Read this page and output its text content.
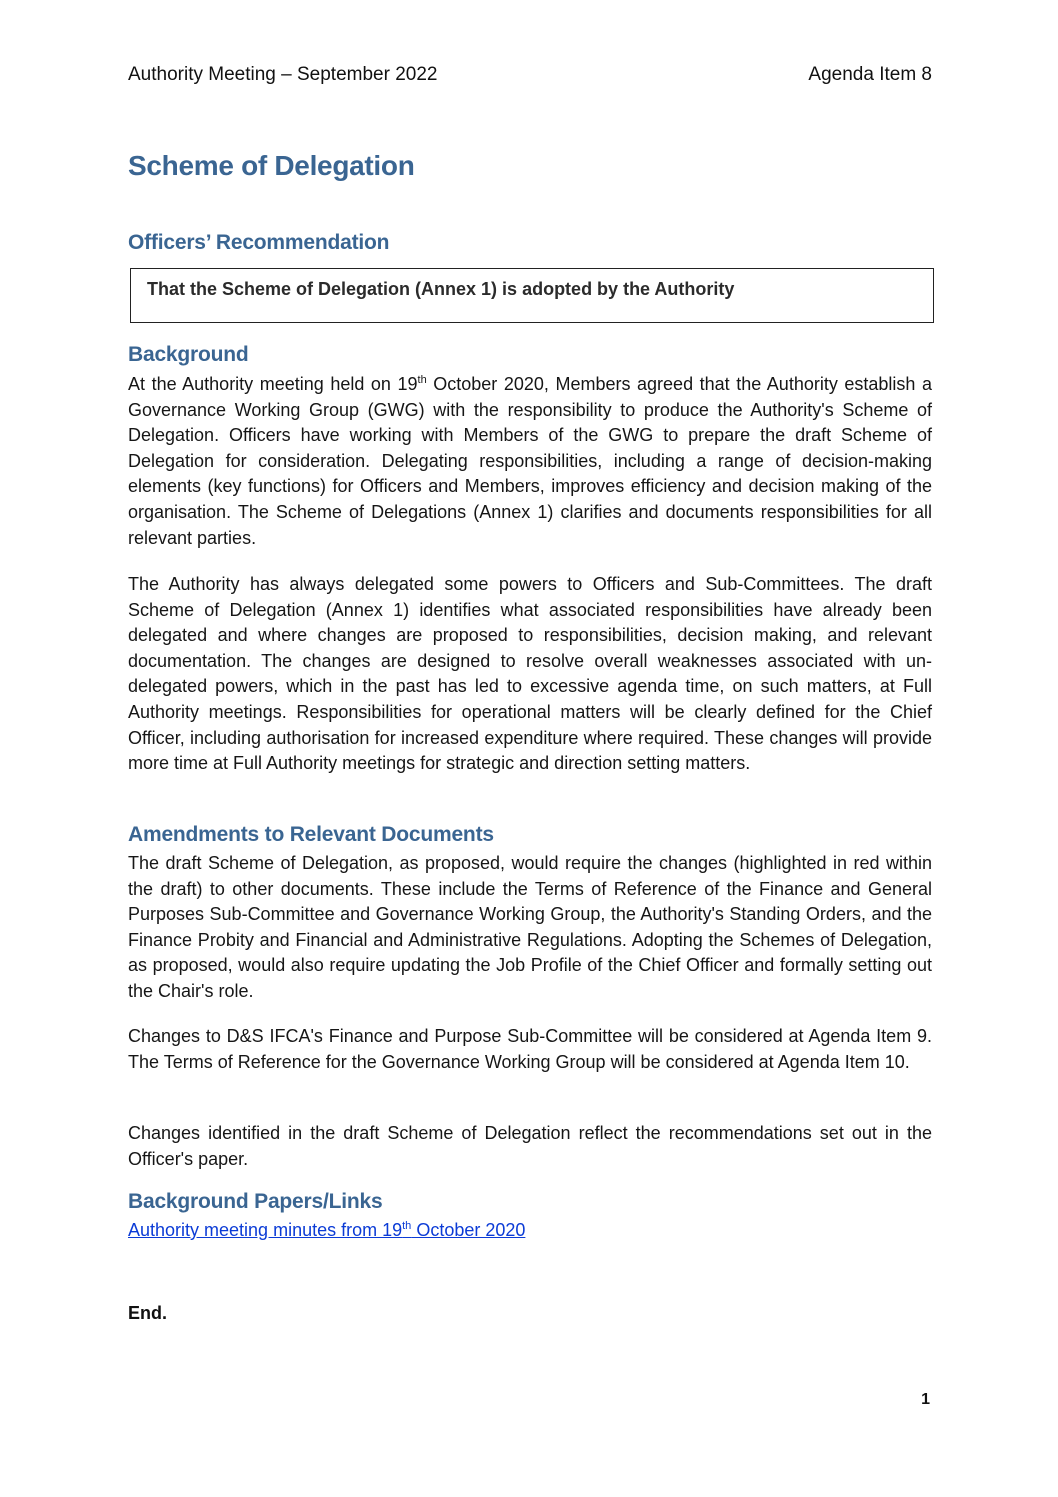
Authority Meeting – September 2022	Agenda Item 8
Scheme of Delegation
Officers’ Recommendation
That the Scheme of Delegation (Annex 1) is adopted by the Authority
Background

At the Authority meeting held on 19th October 2020, Members agreed that the Authority establish a Governance Working Group (GWG) with the responsibility to produce the Authority's Scheme of Delegation. Officers have working with Members of the GWG to prepare the draft Scheme of Delegation for consideration. Delegating responsibilities, including a range of decision-making elements (key functions) for Officers and Members, improves efficiency and decision making of the organisation. The Scheme of Delegations (Annex 1) clarifies and documents responsibilities for all relevant parties.

The Authority has always delegated some powers to Officers and Sub-Committees. The draft Scheme of Delegation (Annex 1) identifies what associated responsibilities have already been delegated and where changes are proposed to responsibilities, decision making, and relevant documentation. The changes are designed to resolve overall weaknesses associated with un-delegated powers, which in the past has led to excessive agenda time, on such matters, at Full Authority meetings. Responsibilities for operational matters will be clearly defined for the Chief Officer, including authorisation for increased expenditure where required. These changes will provide more time at Full Authority meetings for strategic and direction setting matters.

Amendments to Relevant Documents

The draft Scheme of Delegation, as proposed, would require the changes (highlighted in red within the draft) to other documents. These include the Terms of Reference of the Finance and General Purposes Sub-Committee and Governance Working Group, the Authority's Standing Orders, and the Finance Probity and Financial and Administrative Regulations. Adopting the Schemes of Delegation, as proposed, would also require updating the Job Profile of the Chief Officer and formally setting out the Chair's role.

Changes to D&S IFCA's Finance and Purpose Sub-Committee will be considered at Agenda Item 9. The Terms of Reference for the Governance Working Group will be considered at Agenda Item 10.

Changes identified in the draft Scheme of Delegation reflect the recommendations set out in the Officer's paper.

Background Papers/Links
Authority meeting minutes from 19th October 2020
End.
1
